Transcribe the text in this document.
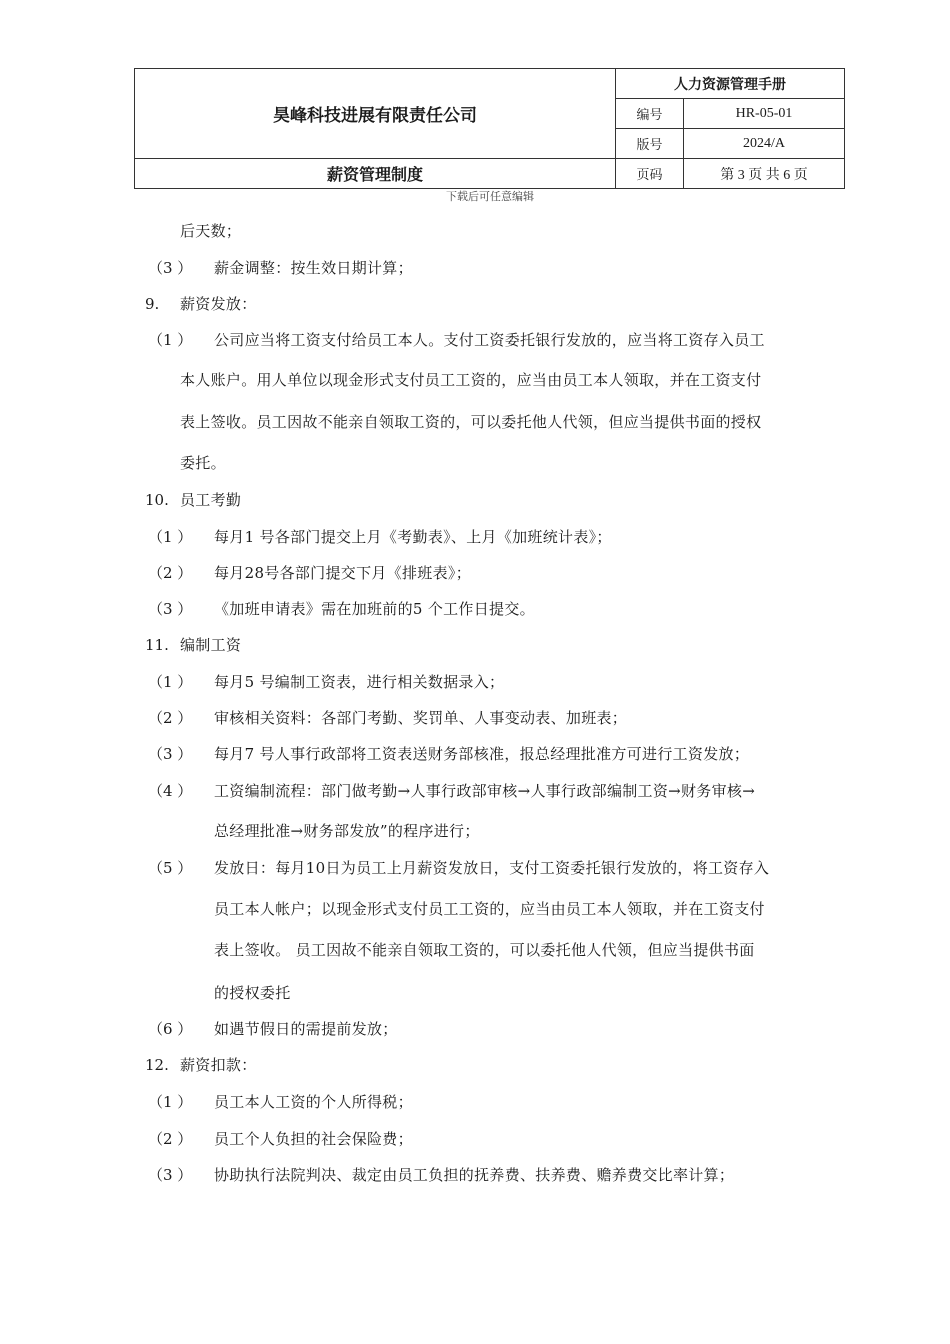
昊峰科技进展有限责任公司	人力资源管理手册	
	编号	HR-05-01
	版号	2024/A
薪资管理制度	页码	第 3 页 共 6 页
下载后可任意编辑
后天数；
（3 ） 薪金调整：按生效日期计算；
9. 薪资发放：
（1 ） 公司应当将工资支付给员工本人。支付工资委托银行发放的，应当将工资存入员工
本人账户。用人单位以现金形式支付员工工资的，应当由员工本人领取，并在工资支付
表上签收。员工因故不能亲自领取工资的，可以委托他人代领，但应当提供书面的授权
委托。
10. 员工考勤
（1 ） 每月1 号各部门提交上月《考勤表》、上月《加班统计表》；
（2 ） 每月28号各部门提交下月《排班表》；
（3 ） 《加班申请表》需在加班前的5 个工作日提交。
11. 编制工资
（1 ） 每月5 号编制工资表，进行相关数据录入；
（2 ） 审核相关资料：各部门考勤、奖罚单、人事变动表、加班表；
（3 ） 每月7 号人事行政部将工资表送财务部核准，报总经理批准方可进行工资发放；
（4 ） 工资编制流程：部门做考勤→人事行政部审核→人事行政部编制工资→财务审核→
总经理批准→财务部发放”的程序进行；
（5 ） 发放日：每月10日为员工上月薪资发放日，支付工资委托银行发放的，将工资存入
员工本人帐户；以现金形式支付员工工资的，应当由员工本人领取，并在工资支付
表上签收。 员工因故不能亲自领取工资的，可以委托他人代领，但应当提供书面
的授权委托
（6 ） 如遇节假日的需提前发放；
12. 薪资扣款：
（1 ） 员工本人工资的个人所得税；
（2 ） 员工个人负担的社会保险费；
（3 ） 协助执行法院判决、裁定由员工负担的抚养费、扶养费、赡养费交比率计算；
